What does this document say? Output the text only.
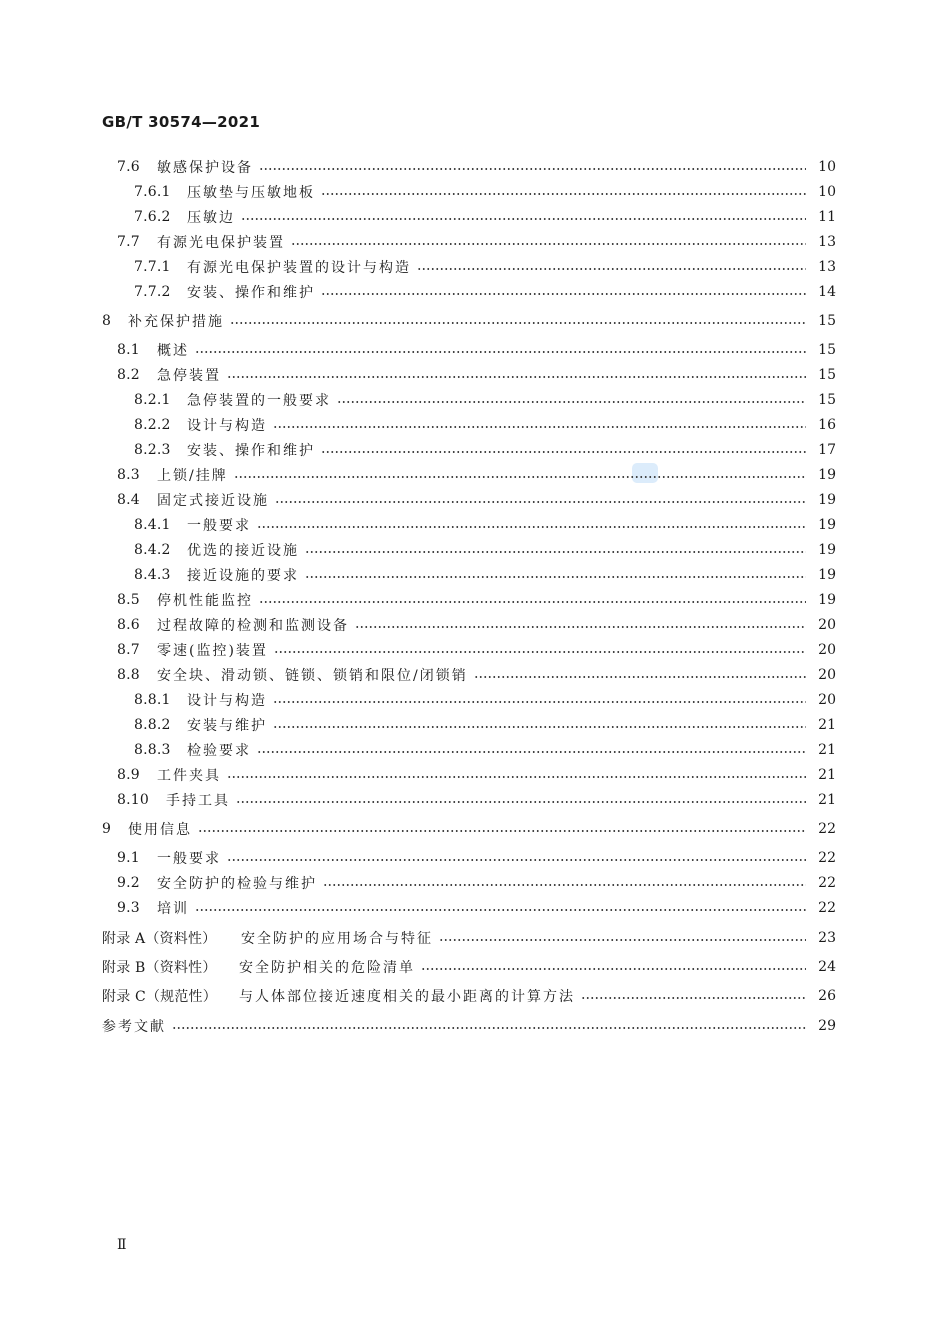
GB/T 30574—2021
7.6	敏感保护设备	10
7.6.1	压敏垫与压敏地板	10
7.6.2	压敏边	11
7.7	有源光电保护装置	13
7.7.1	有源光电保护装置的设计与构造	13
7.7.2	安装、操作和维护	14
8	补充保护措施	15
8.1	概述	15
8.2	急停装置	15
8.2.1	急停装置的一般要求	15
8.2.2	设计与构造	16
8.2.3	安装、操作和维护	17
8.3	上锁/挂牌	19
8.4	固定式接近设施	19
8.4.1	一般要求	19
8.4.2	优选的接近设施	19
8.4.3	接近设施的要求	19
8.5	停机性能监控	19
8.6	过程故障的检测和监测设备	20
8.7	零速(监控)装置	20
8.8	安全块、滑动锁、链锁、锁销和限位/闭锁销	20
8.8.1	设计与构造	20
8.8.2	安装与维护	21
8.8.3	检验要求	21
8.9	工件夹具	21
8.10	手持工具	21
9	使用信息	22
9.1	一般要求	22
9.2	安全防护的检验与维护	22
9.3	培训	22
附录 A（资料性）	安全防护的应用场合与特征	23
附录 B（资料性）	安全防护相关的危险清单	24
附录 C（规范性）	与人体部位接近速度相关的最小距离的计算方法	26
参考文献	29
Ⅱ
